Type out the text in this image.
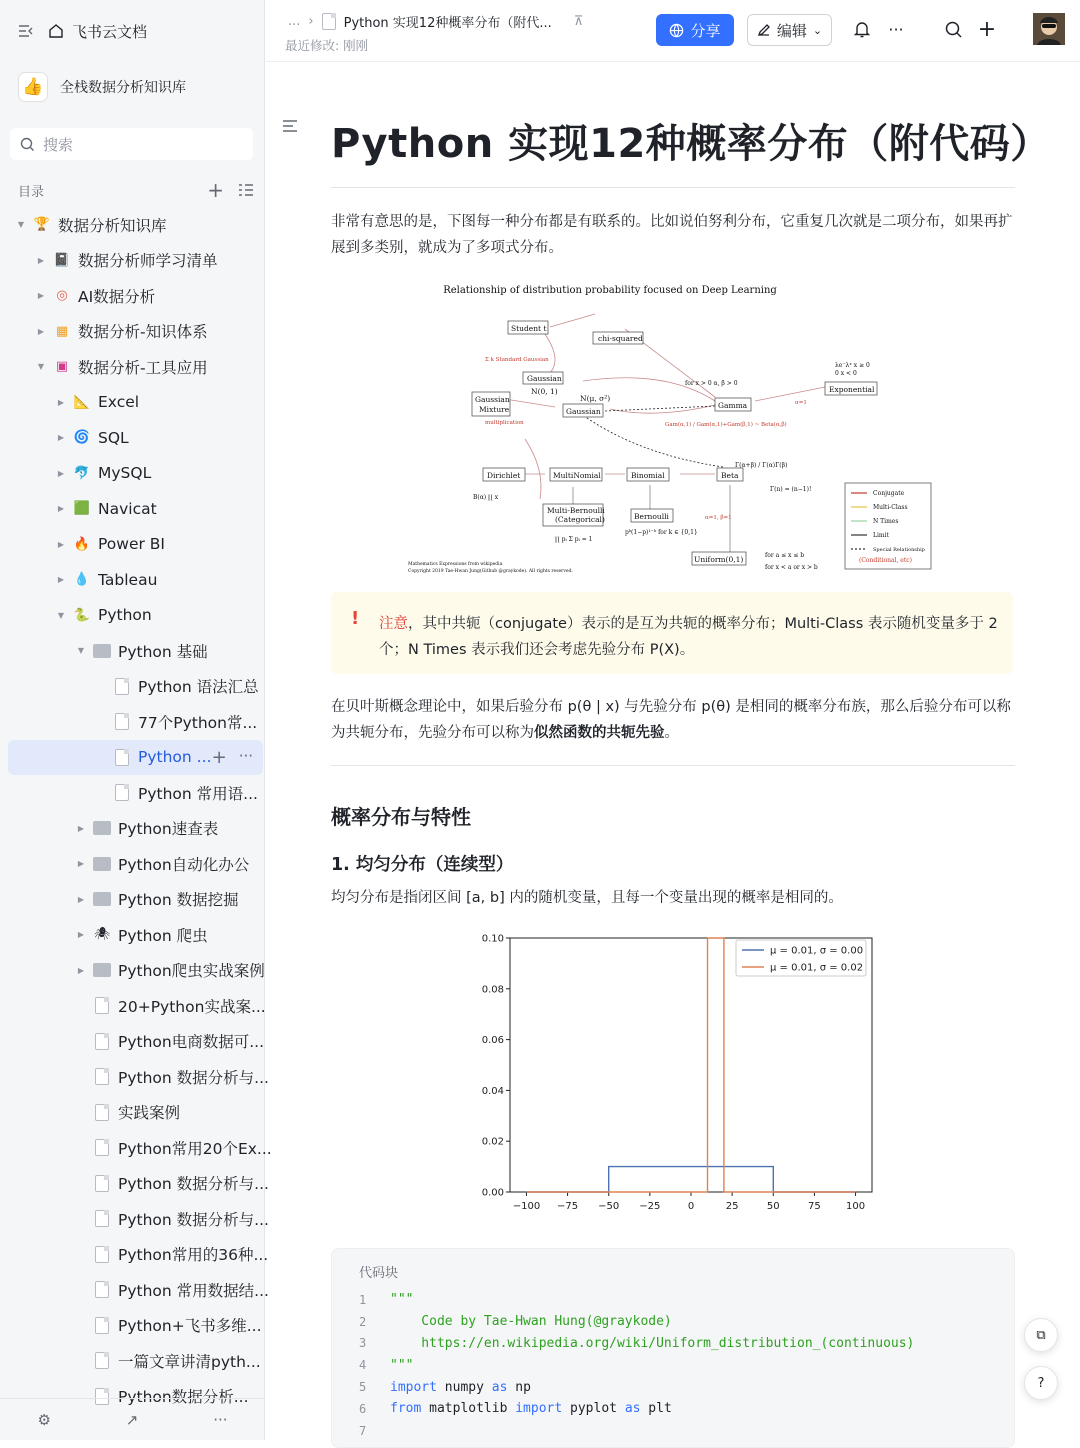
飞书云文档
👍	全栈数据分析知识库
搜索
目录	+
▼ 🏆 数据分析知识库
▶ 📓 数据分析师学习清单
▶ ◎ AI数据分析
▶ ▦ 数据分析-知识体系
▼ ▣ 数据分析-工具应用
▶ 📐 Excel
▶ 🌀 SQL
▶ 🐬 MySQL
▶ 🟩 Navicat
▶ 🔥 Power BI
▶ 💧 Tableau
▼ 🐍 Python
▼ Python 基础
Python 语法汇总
77个Python常...
Python ... + ···
Python 常用语...
▶ Python速查表
▶ Python自动化办公
▶ Python 数据挖掘
▶ 🕷 Python 爬虫
▶ Python爬虫实战案例
20+Python实战案...
Python电商数据可...
Python 数据分析与...
实践案例
Python常用20个Ex...
Python 数据分析与...
Python 数据分析与...
Python常用的36种...
Python 常用数据结...
Python+飞书多维...
一篇文章讲清pyth...
Python数据分析...
⚙	↗	···
... › Python 实现12种概率分布（附代... ⊼
最近修改: 刚刚
分享	编辑 ⌄	···	+
Python 实现12种概率分布（附代码）
非常有意思的是，下图每一种分布都是有联系的。比如说伯努利分布，它重复几次就是二项分布，如果再扩展到多类别，就成为了多项式分布。
Relationship of distribution probability focused on Deep Learning
Student t
chi-squared
Gaussian
Exponential
Gaussian
Mixture	Gaussian
Gamma
Dirichlet	MultiNomial	Binomial	Beta
Multi-Bernoulli
(Categorical)	Bernoulli
Uniform(0,1)
N(μ, σ²)
N(0, 1)
Σ k Standard Gaussian
multiplication
α=1, β=1
α=1
Gam(α,1) / Gam(α,1)+Gam(β,1) ~ Beta(α,β)
B(α) ∏ x
Γ(α+β) / Γ(α)Γ(β)
Γ(n) = (n−1)!
for x > 0 α, β > 0
pᵏ(1−p)¹⁻ᵏ for k ∈ {0,1}
∏ pᵢ Σ pᵢ = 1
for a ≤ x ≤ b
for x < a or x > b
λe⁻λˣ x ≥ 0
0 x < 0
Conjugate
Multi-Class
N Times
Limit
Special Relationship
(Conditional, etc)
Mathematics Expressions from wikipedia
Copyright 2019 Tae-Hwan Jung(Github @graykode). All rights reserved.
! 注意，其中共轭（conjugate）表示的是互为共轭的概率分布；Multi-Class 表示随机变量多于 2 个；N Times 表示我们还会考虑先验分布 P(X)。
在贝叶斯概念理论中，如果后验分布 p(θ | x) 与先验分布 p(θ) 是相同的概率分布族，那么后验分布可以称为共轭分布，先验分布可以称为似然函数的共轭先验。
概率分布与特性
1. 均匀分布（连续型）
均匀分布是指闭区间 [a, b] 内的随机变量，且每一个变量出现的概率是相同的。
−100 −75 −50 −25	0	25	50	75	100
0.00
0.02
0.04
0.06
0.08
0.10
μ = 0.01, σ = 0.00
μ = 0.01, σ = 0.02
代码块
1	"""
2	Code by Tae-Hwan Hung(@graykode)
3	https://en.wikipedia.org/wiki/Uniform_distribution_(continuous)
4	"""
5	import numpy as np
6	from matplotlib import pyplot as plt
7
⧉
?
